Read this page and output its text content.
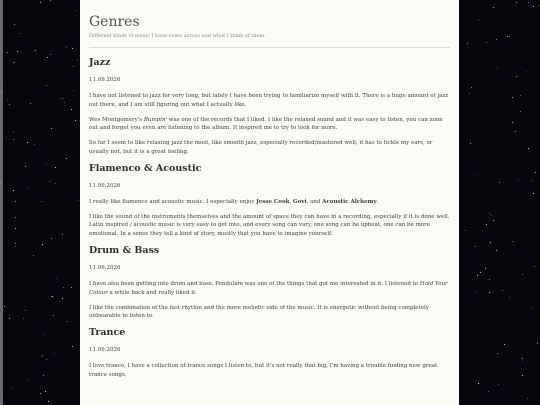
Genres

Different kinds of music I have come across and what I think of them.

Jazz

11.09.2026

I have not listened to jazz for very long, but lately I have been trying to familiarize myself with it. There is a huge amount of jazz out there, and I am still figuring out what I actually like.

Wes Montgomery's Bumpin' was one of the records that I liked. I like the relaxed sound and it was easy to listen, you can zone out and forget you even are listening to the album. It inspired me to try to look for more.

So far I seem to like relaxing jazz the most, like smooth jazz, especially recorded/mastered well, it has to tickle my ears, or usually not, but it is a great feeling.

Flamenco & Acoustic

11.09.2026

I really like flamenco and acoustic music. I especially enjoy Jesse Cook, Govi, and Acoustic Alchemy.

I like the sound of the instruments themselves and the amount of space they can have in a recording, especially if it is done well. Latin inspired / acoustic music is very easy to get into, and every song can vary, one song can be upbeat, one can be more emotional. In a sense they tell a kind of story, mostly that you have to imagine yourself.

Drum & Bass

11.09.2026

I have also been getting into drum and bass. Pendulum was one of the things that got me interested in it. I listened to Hold Your Colour a while back and really liked it.

I like the combination of the fast rhythm and the more melodic side of the music. It is energetic without being completely unbearable to listen to.

Trance

11.09.2026

I love trance, I have a collection of trance songs I listen to, but it's not really that big, I'm having a trouble finding new great trance songs.
